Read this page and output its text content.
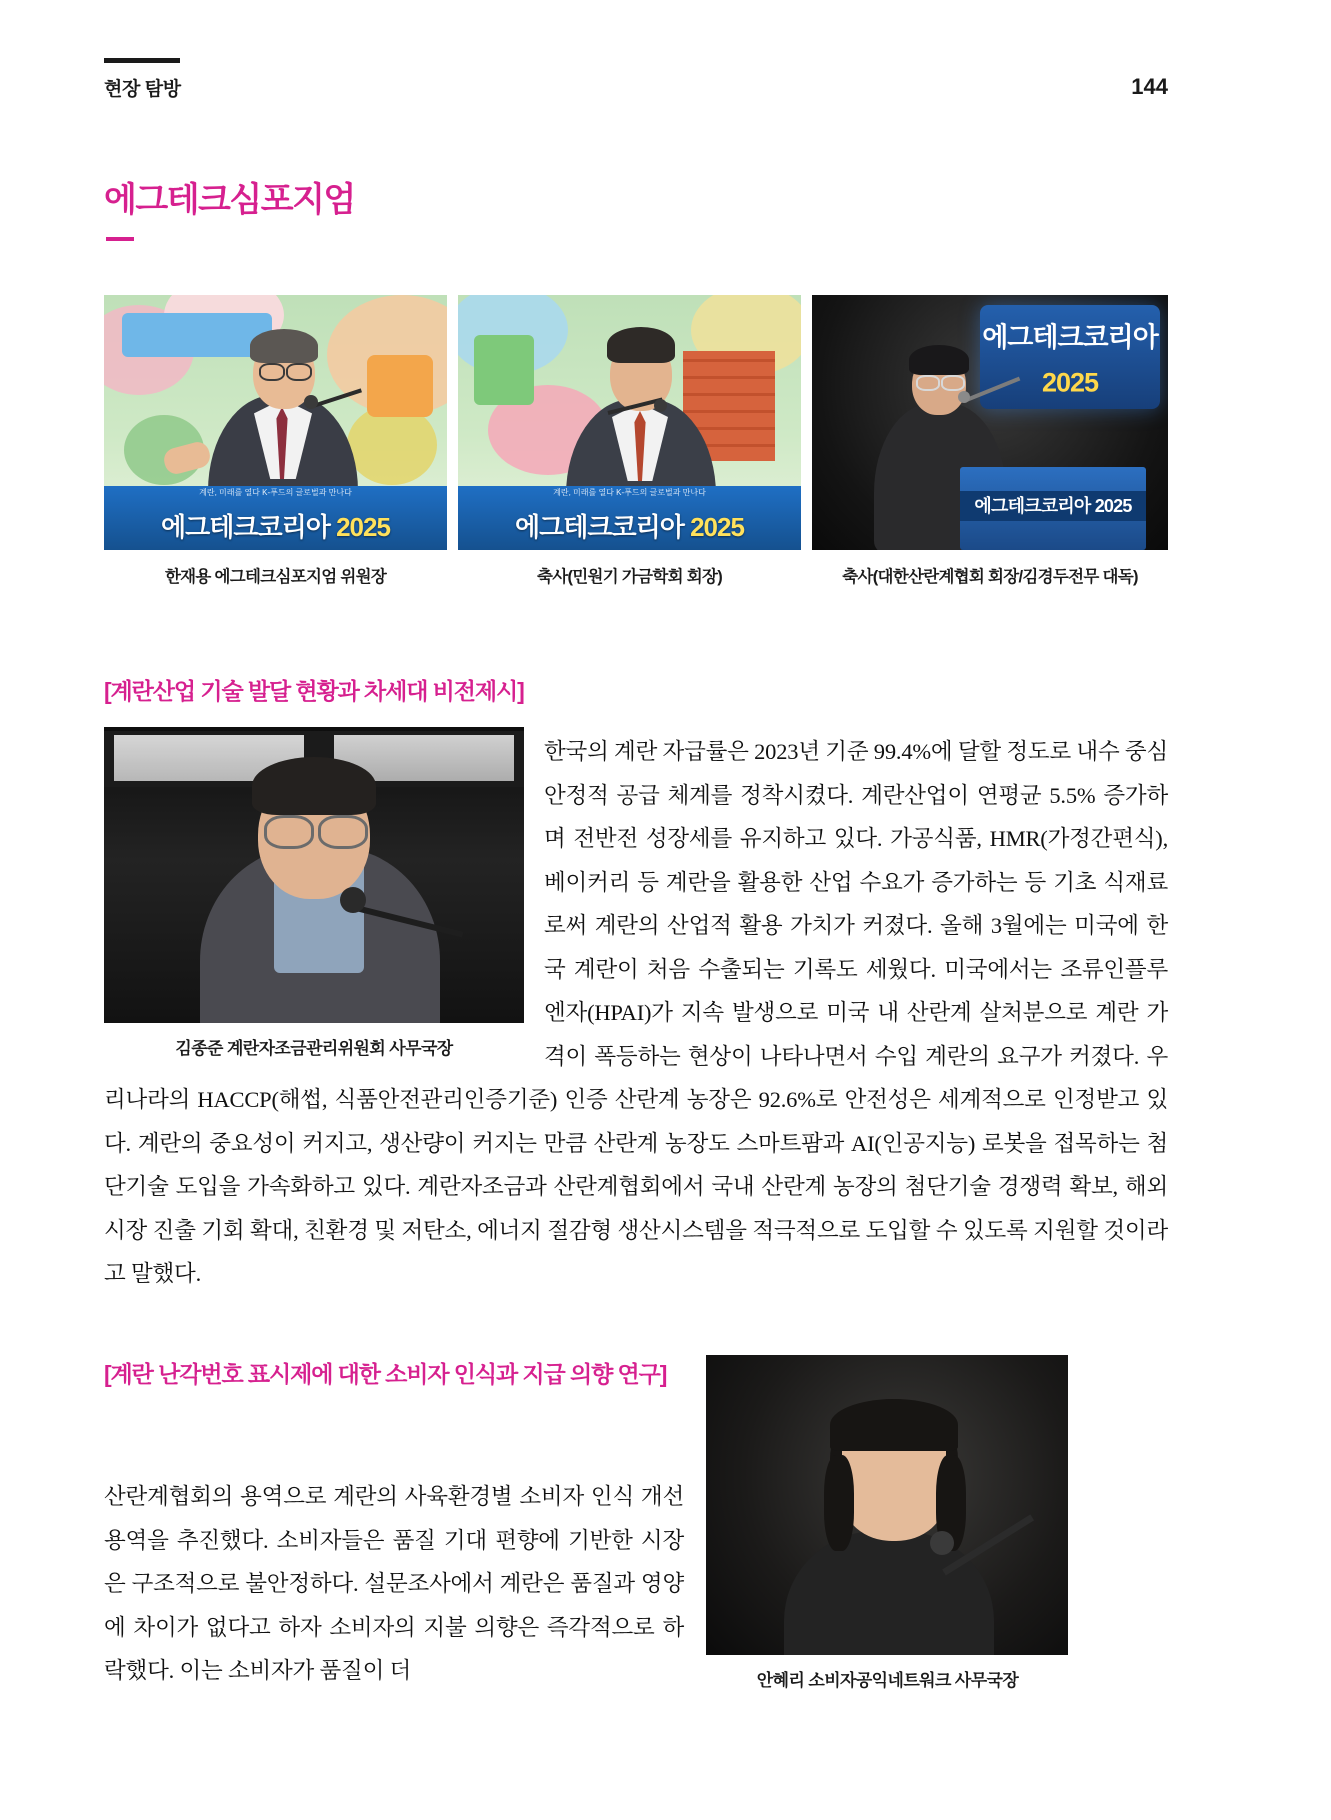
현장 탐방	144
에그테크심포지엄
계란, 미래를 열다 K-푸드의 글로벌과 만나다
에그테크코리아 2025
계란, 미래를 열다 K-푸드의 글로벌과 만나다
에그테크코리아 2025
에그테크코리아
2025
에그테크코리아 2025
한재용 에그테크심포지엄 위원장	축사(민원기 가금학회 회장)	축사(대한산란계협회 회장/김경두전무 대독)
[계란산업 기술 발달 현황과 차세대 비전제시]
한국의 계란 자급률은 2023년 기준 99.4%에 달할 정도로 내수 중심 안정적 공급 체계를 정착시켰다. 계란산업이 연평균 5.5% 증가하며 전반전 성장세를 유지하고 있다. 가공식품, HMR(가정간편식), 베이커리 등 계란을 활용한 산업 수요가 증가하는 등 기초 식재료로써 계란의 산업적 활용 가치가 커졌다. 올해 3월에는 미국에 한국 계란이 처음 수출되는 기록도 세웠다. 미국에서는 조류인플루엔자(HPAI)가 지속 발생으로 미국 내 산란계 살처분으로 계란 가격이 폭등하는 현상이 나타나면서 수입 계란의 요구가 커졌다. 우리나라의 HACCP(해썹, 식품안전관리인증기준) 인증 산란계 농장은 92.6%로 안전성은 세계적으로 인정받고 있다. 계란의 중요성이 커지고, 생산량이 커지는 만큼 산란계 농장도 스마트팜과 AI(인공지능) 로봇을 접목하는 첨단기술 도입을 가속화하고 있다. 계란자조금과 산란계협회에서 국내 산란계 농장의 첨단기술 경쟁력 확보, 해외시장 진출 기회 확대, 친환경 및 저탄소, 에너지 절감형 생산시스템을 적극적으로 도입할 수 있도록 지원할 것이라고 말했다.
김종준 계란자조금관리위원회 사무국장
[계란 난각번호 표시제에 대한 소비자 인식과 지급 의향 연구]
안혜리 소비자공익네트워크 사무국장
산란계협회의 용역으로 계란의 사육환경별 소비자 인식 개선 용역을 추진했다. 소비자들은 품질 기대 편향에 기반한 시장은 구조적으로 불안정하다. 설문조사에서 계란은 품질과 영양에 차이가 없다고 하자 소비자의 지불 의향은 즉각적으로 하락했다. 이는 소비자가 품질이 더
